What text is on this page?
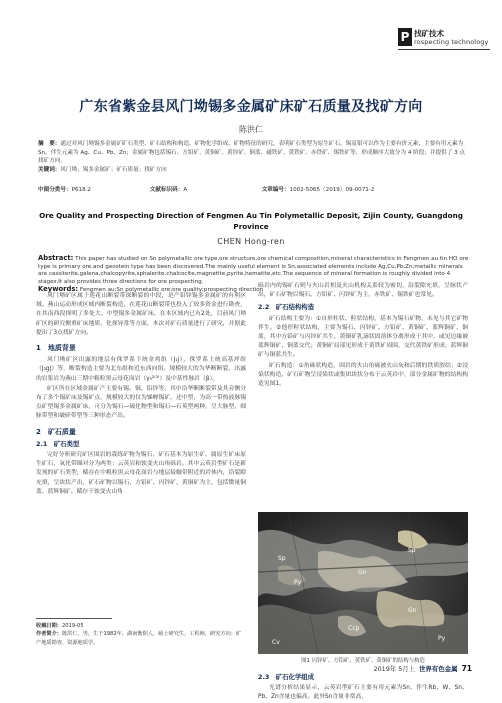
P 找矿技术
rospecting technology
广东省紫金县风门坳锡多金属矿床矿石质量及找矿方向
陈洪仁
摘　要：通过对风门坳锡多金属矿矿石类型、矿石结构和构造、矿物化学组成、矿物特征的研究，表明矿石类型为原生矿石，锡及银可以作为主要有价元素；主要有用元素为 Sn，伴生元素为 Ag、Cu、Pb、Zn；金属矿物包括锡石、方铅矿、黄铜矿、黄锌矿、铜蓝、磁铁矿、黄铁矿、赤铁矿、锡铁矿等，形成顺序大致分为 4 阶段；并提供了 3 点找矿方向。
关键词：风门坳；锡多金属矿；矿石质量；找矿方向
中图分类号：P618.2	文献标识码：A	文章编号：1002-5065（2019）09-0071-2
Ore Quality and Prospecting Direction of Fengmen Au Tin Polymetallic Deposit, Zijin County, Guangdong Province
CHEN Hong-ren
Abstract: This paper has studied on Sn polymetallic ore type,ore structure,ore chemical composition,mineral characteristics in Fengmen au tin HO ore type is primary ore,and geostein type has been discovered.The mainly useful element is Sn,associated elements include Ag,Cu,Pb,Zn;metallic minerals are cassiterite,galena,chalcopyrite,sphalerite,chalcocite,magnetite,pyrite,hematite,etc.The sequence of mineral formation is roughly divided into 4 stages.It also provides three directions for ore prospecting.
Keywords: Fengmen au;Sn polymetallic ore;ore quality;prospecting direction

风门坳矿区属于莲花山断裂带深断裂的中段，是产铅锌锡多金属矿的有利区域。燕山运动形成区域内断裂构造，在莲花山断裂带也投入了较多资金进行勘查，在其南西段探明了多处大、中型锡多金属矿床，在本区域内已有2处，目前风门坳矿区的研究侧重矿床地质、化探异常等方面，本次对矿石质量进行了研究，并据此提出了3点找矿方向。

1　地质背景

风门坳矿区出露的地层有侏罗系下统金鸡组（J₁j），侏罗系上统高基坪组（J₃gj）等，断裂构造主要为北东组和近东西向组。规模较大的为华断断裂，出露的岩浆岩为燕山三期中粗粒黑云母花岗岩（γ₅²⁽³⁾）及中基性脉岩（β）。

矿区所在区域金属矿产主要有锡、铜、铅锌等，其中沿华断断裂带及其旁侧分布了多个锡矿床及锡矿点，规模较大的仅为锑蝉锡矿，还中型，为高一带热液脉锡点矿型锡多金属矿床，可分为锡石—硫化物型和锡石—石英型两种，呈大脉型、细脉带型和破碎带型等三种形态产出。

2　矿石质量
2.1　矿石类型

完好分析研究矿区围岩的栽练矿物为锡石，矿石基本为原生矿。属原生矿床原生矿石，氧化带圈对分为两类：云英岩和蚀变火山角砾岩。其中云英岩型矿石是新发现的矿石类型，赋存在中粗粒黑云母花岗岩与地层接触带附近的岩体内，沿裂隙充填，呈块状产出，矿石矿物以锡石、方铅矿、闪锌矿、黄铜矿为主，包括微量铜蓝、蓝辉铜矿。赋存于蚀变火山角

收稿日期：2019-05
作者简介：陈洪仁，男，生于1982年，湖南衡阳人，硕士研究生，工程师，研究方向：矿产地质勘查、资源地质学。

砾岩内的锡矿石则与火山岩相及火山机构关系较为密切，沿裂隙充填，呈脉状产出，矿石矿物以锡石、方铅矿、闪锌矿为主，赤铁矿、锡铁矿也常见。

2.2　矿石结构构造

矿石结构主要为：①自形柱状、粒状结构，基本为锡石矿物，未见与其它矿物伴生。②他形粒状结构，主要为锡石、闪锌矿、方铅矿、黄铜矿、蓝辉铜矿、铜蓝，其中方铅矿与闪锌矿共生，黄铜矿乳滴状固溶体分离形成于其中，或见边缘被蓝辉铜矿、铜蓝交代；黄铜矿局部见形成于黄铁矿周围，交代黄铁矿形成；蓝辉铜矿与铜蓝共生。

矿石构造：①角砾状构造，围岩的火山角砾被火山灰和后期的铁质胶结；②浸染状构造，矿石矿物呈浸染状或集团块状分布于云英岩中，部分金属矿物的结构构造见图1。

Sp
Gn
Sp
Py
Gn
Ccp
Py
Cv
图1 闪锌矿、方铅矿、黄铁矿、黄铜矿的结构与构造
2.3　矿石化学组成

光谱分析结果显示，云英岩型矿石主要有用元素为Sn，伴生Rb、W、Sn、Pb、Zn含量也偏高。此外Sn含量非常高，

2019年 5月上 世界有色金属 71
